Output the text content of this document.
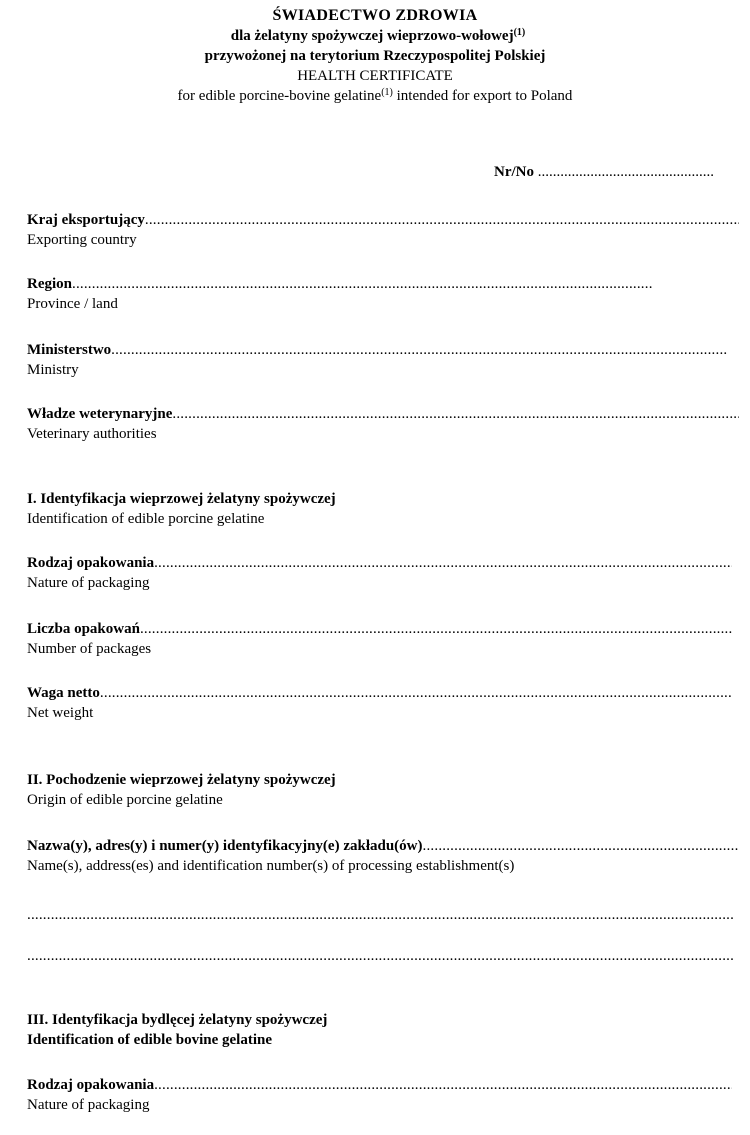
ŚWIADECTWO ZDROWIA
dla żelatyny spożywczej wieprzowo-wołowej$^{(1)}$
przywożonej na terytorium Rzeczypospolitej Polskiej
HEALTH CERTIFICATE
for edible porcine-bovine gelatine$^{(1)}$ intended for export to Poland
Nr/No ...............................................
Kraj eksportujący
.....
Exporting country
Region
.....
Province / land
Ministerstwo
.....
Ministry
Władze weterynaryjne
.....
Veterinary authorities
I. Identyfikacja wieprzowej żelatyny spożywczej
Identification of edible porcine gelatine
Rodzaj opakowania
.....
Nature of packaging
Liczba opakowań
.....
Number of packages
Waga netto
.....
Net weight
II. Pochodzenie wieprzowej żelatyny spożywczej
Origin of edible porcine gelatine
Nazwa(y), adres(y) i numer(y) identyfikacyjny(e) zakładu(ów)
.....
Name(s), address(es) and identification number(s) of processing establishment(s)
.....
.....
III. Identyfikacja bydlęcej żelatyny spożywczej
Identification of edible bovine gelatine
Rodzaj opakowania
.....
Nature of packaging
